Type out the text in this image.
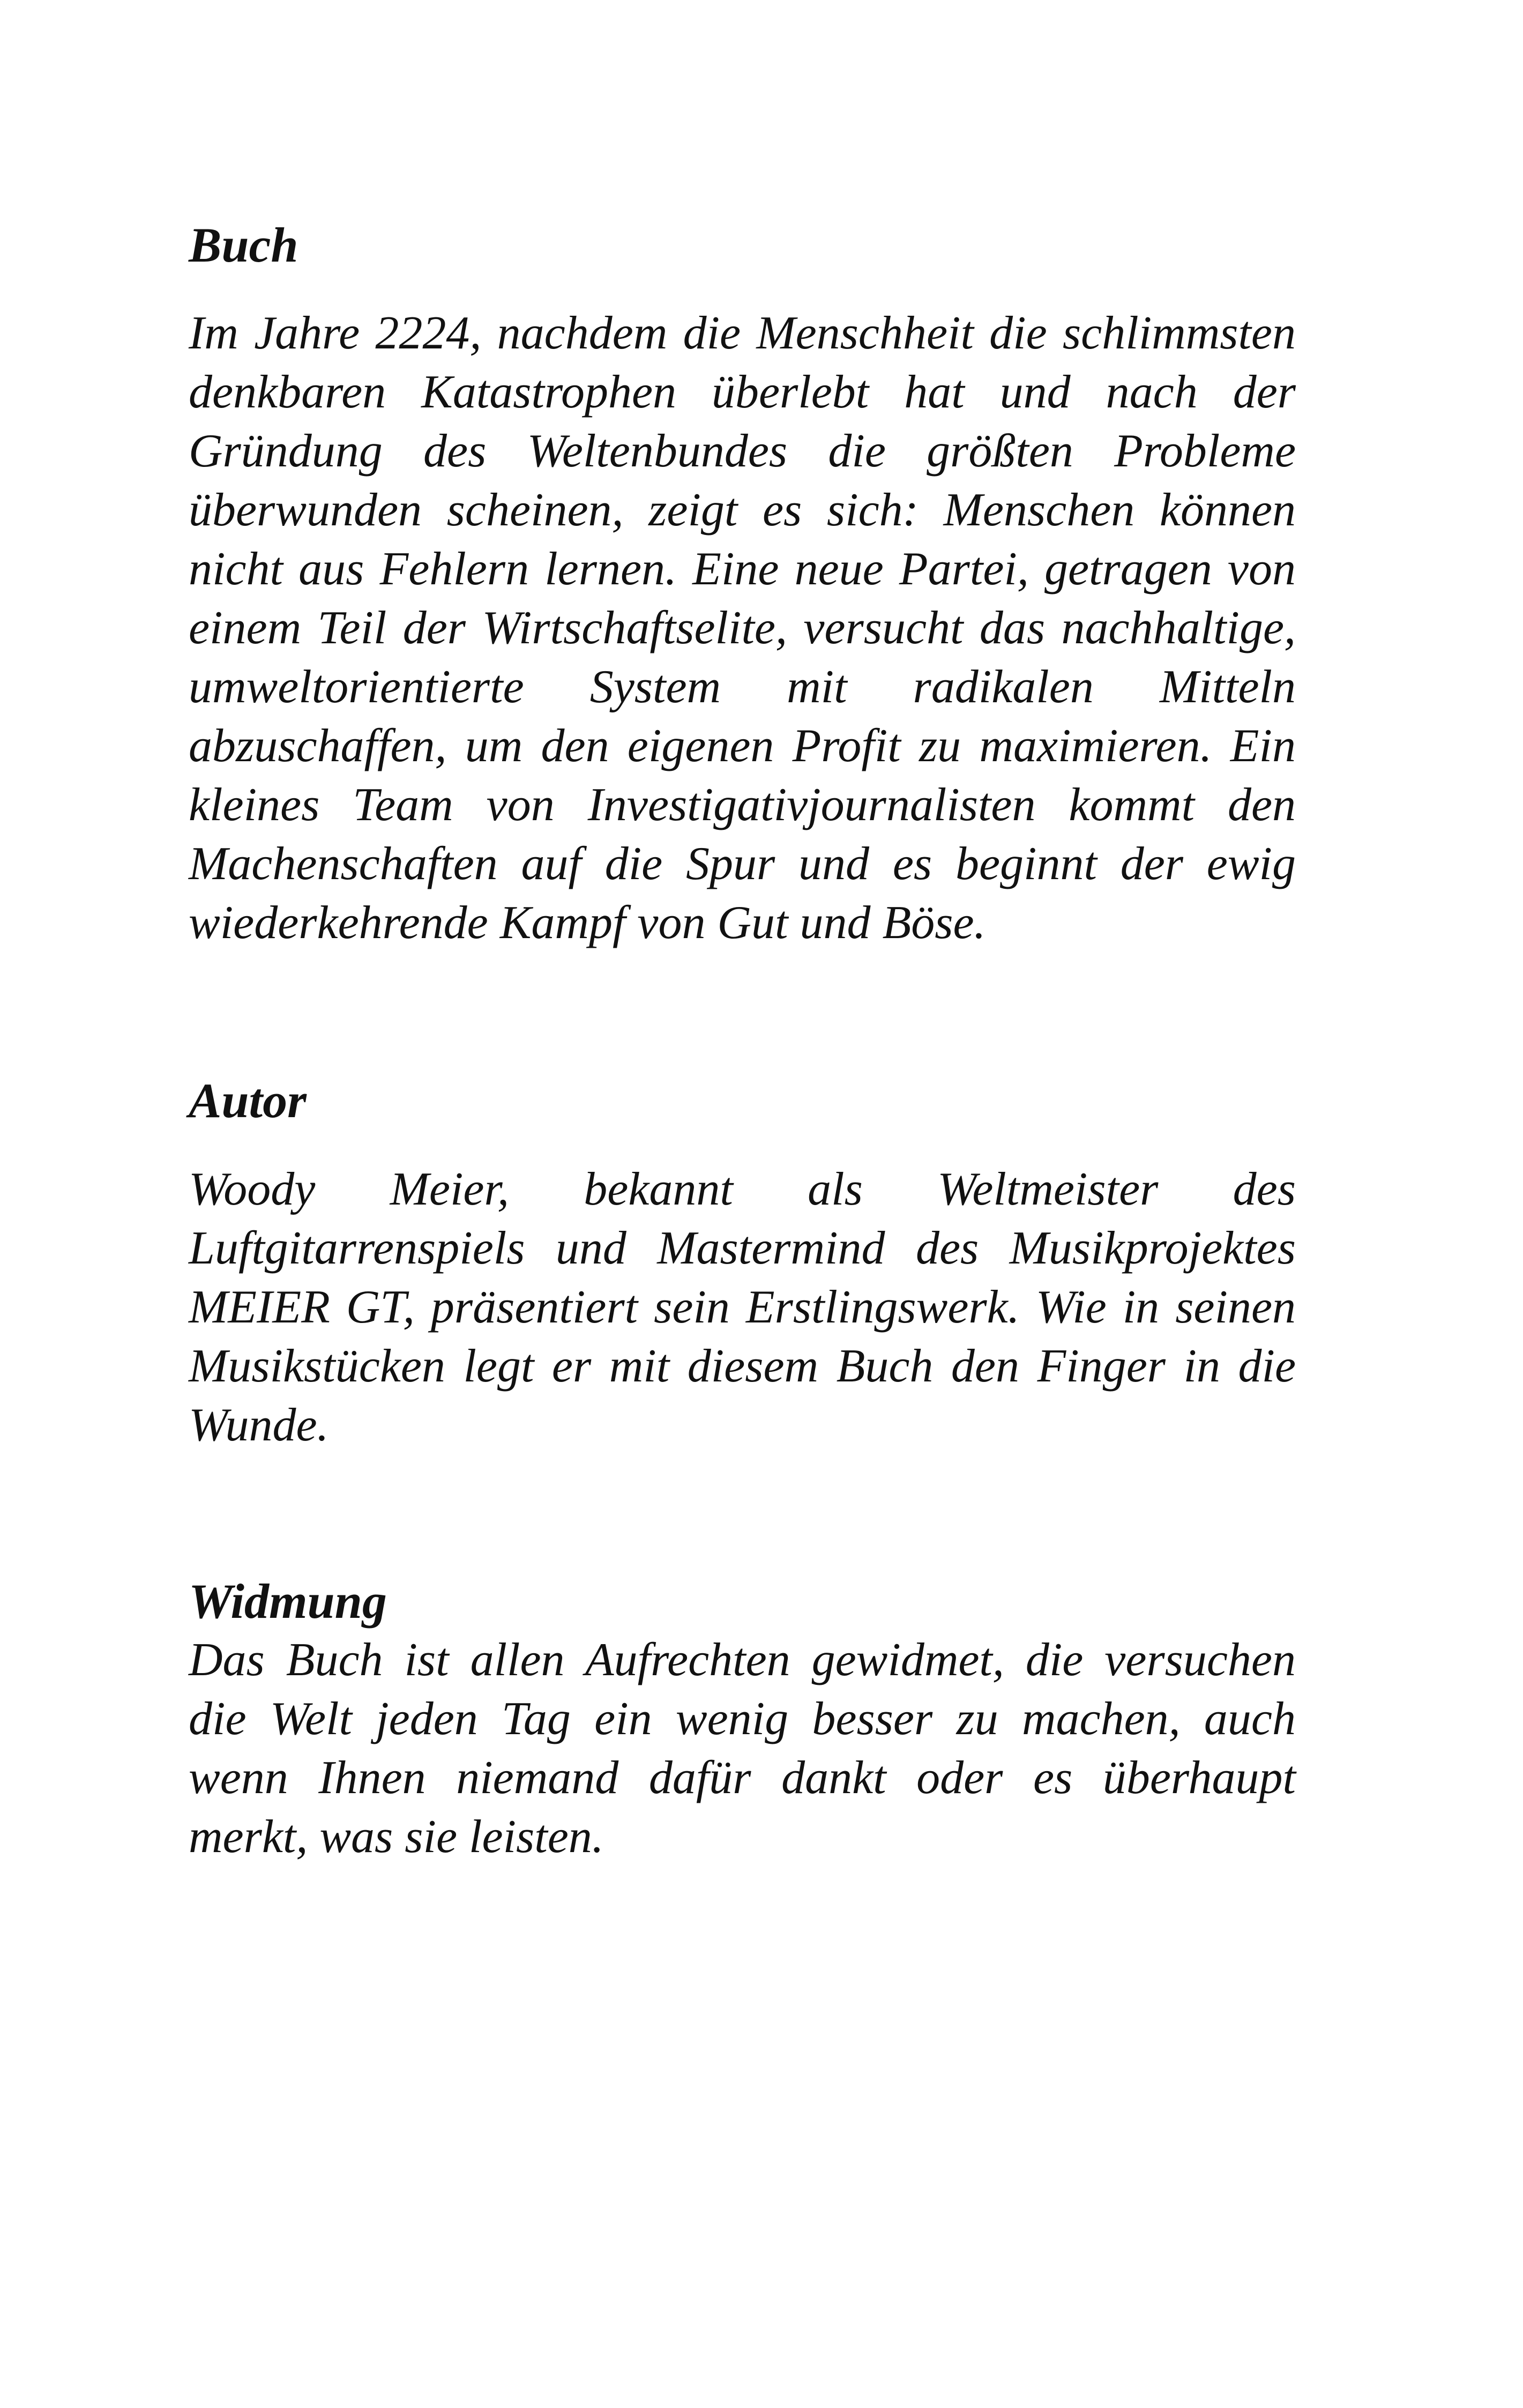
Buch

Im Jahre 2224, nachdem die Menschheit die schlimmsten denkbaren Katastrophen überlebt hat und nach der Gründung des Weltenbundes die größten Probleme überwunden scheinen, zeigt es sich: Menschen können nicht aus Fehlern lernen. Eine neue Partei, getragen von einem Teil der Wirtschaftselite, versucht das nachhaltige, umweltorientierte System mit radikalen Mitteln abzuschaffen, um den eigenen Profit zu maximieren. Ein kleines Team von Investigativjournalisten kommt den Machenschaften auf die Spur und es beginnt der ewig wiederkehrende Kampf von Gut und Böse.

Autor

Woody Meier, bekannt als Weltmeister des Luftgitarrenspiels und Mastermind des Musikprojektes MEIER GT, präsentiert sein Erstlingswerk. Wie in seinen Musikstücken legt er mit diesem Buch den Finger in die Wunde.

Widmung

Das Buch ist allen Aufrechten gewidmet, die versuchen die Welt jeden Tag ein wenig besser zu machen, auch wenn Ihnen niemand dafür dankt oder es überhaupt merkt, was sie leisten.
